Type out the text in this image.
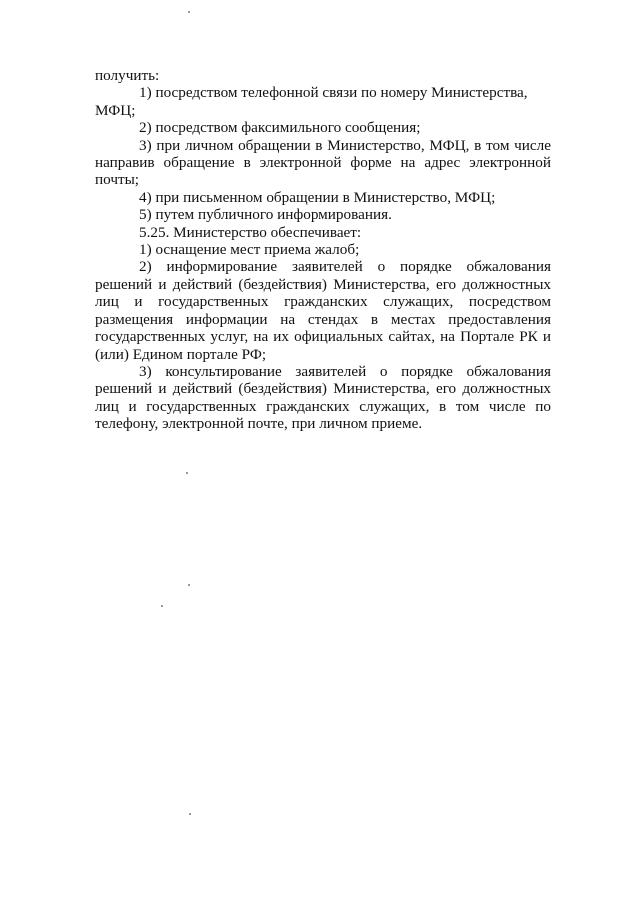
получить:

1) посредством телефонной связи по номеру Министерства, МФЦ;

2) посредством факсимильного сообщения;

3) при личном обращении в Министерство, МФЦ, в том числе направив обращение в электронной форме на адрес электронной почты;

4) при письменном обращении в Министерство, МФЦ;

5) путем публичного информирования.

5.25. Министерство обеспечивает:

1) оснащение мест приема жалоб;

2) информирование заявителей о порядке обжалования решений и действий (бездействия) Министерства, его должностных лиц и государственных гражданских служащих, посредством размещения информации на стендах в местах предоставления государственных услуг, на их официальных сайтах, на Портале РК и (или) Едином портале РФ;

3) консультирование заявителей о порядке обжалования решений и действий (бездействия) Министерства, его должностных лиц и государственных гражданских служащих, в том числе по телефону, электронной почте, при личном приеме.
